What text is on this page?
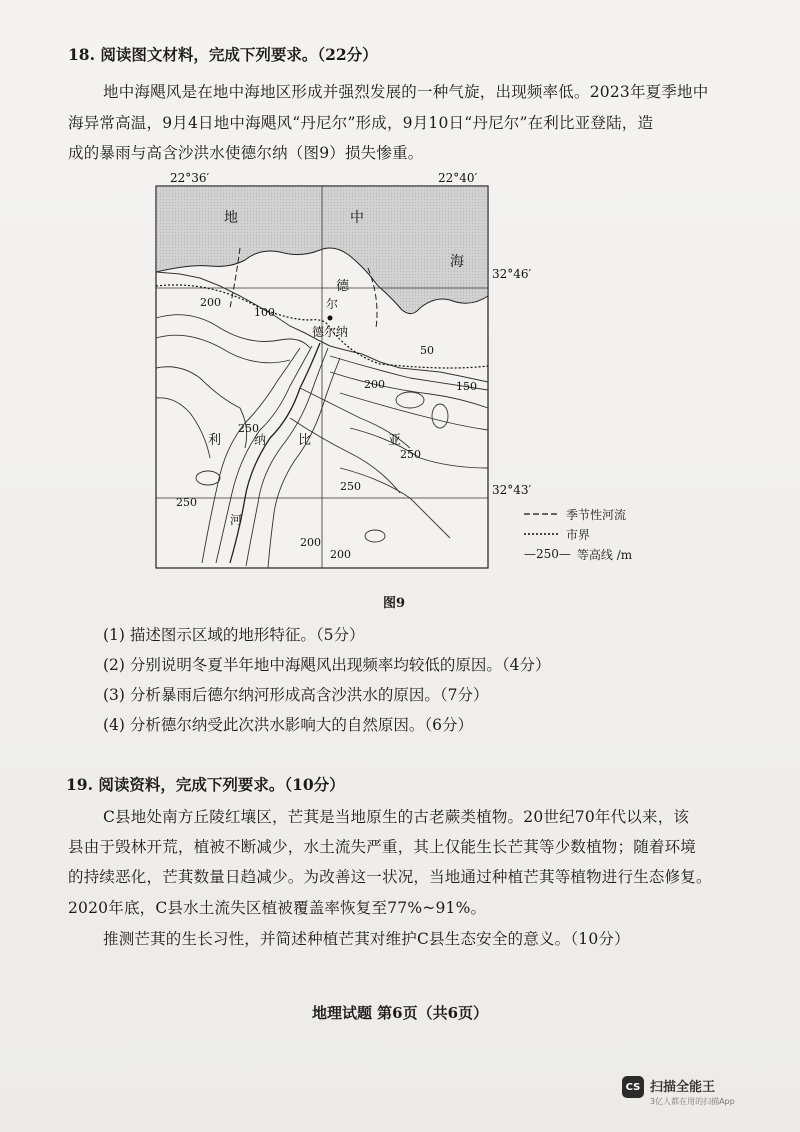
18. 阅读图文材料，完成下列要求。（22分）
地中海飓风是在地中海地区形成并强烈发展的一种气旋，出现频率低。2023年夏季地中
海异常高温，9月4日地中海飓风“丹尼尔”形成，9月10日“丹尼尔”在利比亚登陆，造
成的暴雨与高含沙洪水使德尔纳（图9）损失惨重。
22°36′	22°40′
32°46′
32°43′
地	中
海
德
尔
德尔纳
纳
河
利	比	亚
200
100
50
150
200
250
250
250
250
200
200
季节性河流
市界
—250— 等高线 /m
图9
(1) 描述图示区域的地形特征。（5分）
(2) 分别说明冬夏半年地中海飓风出现频率均较低的原因。（4分）
(3) 分析暴雨后德尔纳河形成高含沙洪水的原因。（7分）
(4) 分析德尔纳受此次洪水影响大的自然原因。（6分）
19. 阅读资料，完成下列要求。（10分）
C县地处南方丘陵红壤区，芒萁是当地原生的古老蕨类植物。20世纪70年代以来，该
县由于毁林开荒，植被不断减少，水土流失严重，其上仅能生长芒萁等少数植物；随着环境
的持续恶化，芒萁数量日趋减少。为改善这一状况，当地通过种植芒萁等植物进行生态修复。
2020年底，C县水土流失区植被覆盖率恢复至77%~91%。
推测芒萁的生长习性，并简述种植芒萁对维护C县生态安全的意义。（10分）
地理试题 第6页（共6页）
CS 扫描全能王
3亿人都在用的扫描App
